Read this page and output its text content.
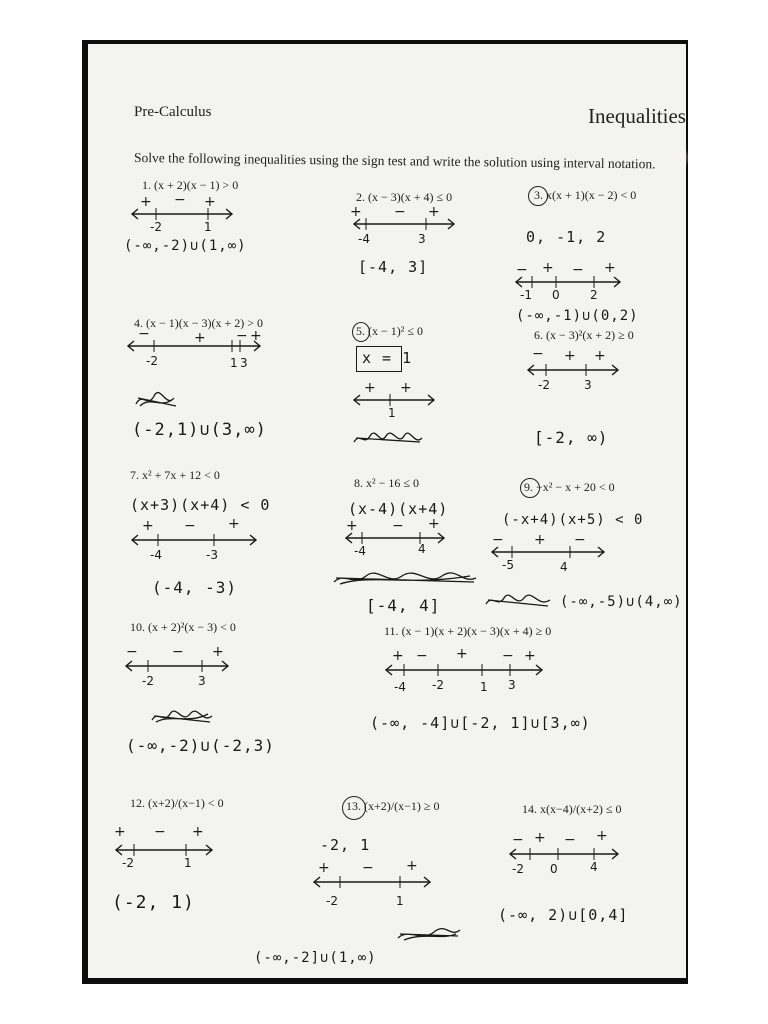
Pre-Calculus	Inequalities
Solve the following inequalities using the sign test and write the solution using interval notation.
1. (x + 2)(x − 1) > 0
+ − +
-2	1
(-∞,-2)∪(1,∞)
2. (x − 3)(x + 4) ≤ 0
+ − +
-4	3
[-4, 3]
3. x(x + 1)(x − 2) < 0
0, -1, 2
− + − +
-1 0	2
(-∞,-1)∪(0,2)
4. (x − 1)(x − 3)(x + 2) > 0
−	+ − +
-2	1 3
(-2,1)∪(3,∞)
5. (x − 1)² ≤ 0
x = 1
+ +
1
6. (x − 3)²(x + 2) ≥ 0
− + +
-2	3
[-2, ∞)
7. x² + 7x + 12 < 0
(x+3)(x+4) < 0
+ − +
-4	-3
(-4, -3)
8. x² − 16 ≤ 0
(x-4)(x+4)
+ − +
-4	4
[-4, 4]
9. −x² − x + 20 < 0
(-x+4)(x+5) < 0
− + −
-5	4
(-∞,-5)∪(4,∞)
10. (x + 2)²(x − 3) < 0
− − +
-2	3
(-∞,-2)∪(-2,3)
11. (x − 1)(x + 2)(x − 3)(x + 4) ≥ 0
+ − + − +
-4 -2	1 3
(-∞, -4]∪[-2, 1]∪[3,∞)
12. (x+2)/(x−1) < 0
+ − +
-2	1
(-2, 1)
13. (x+2)/(x−1) ≥ 0
-2, 1
+ − +
-2	1
(-∞,-2]∪(1,∞)
14. x(x−4)/(x+2) ≤ 0
− + − +
-2 0	4
(-∞, 2)∪[0,4]
